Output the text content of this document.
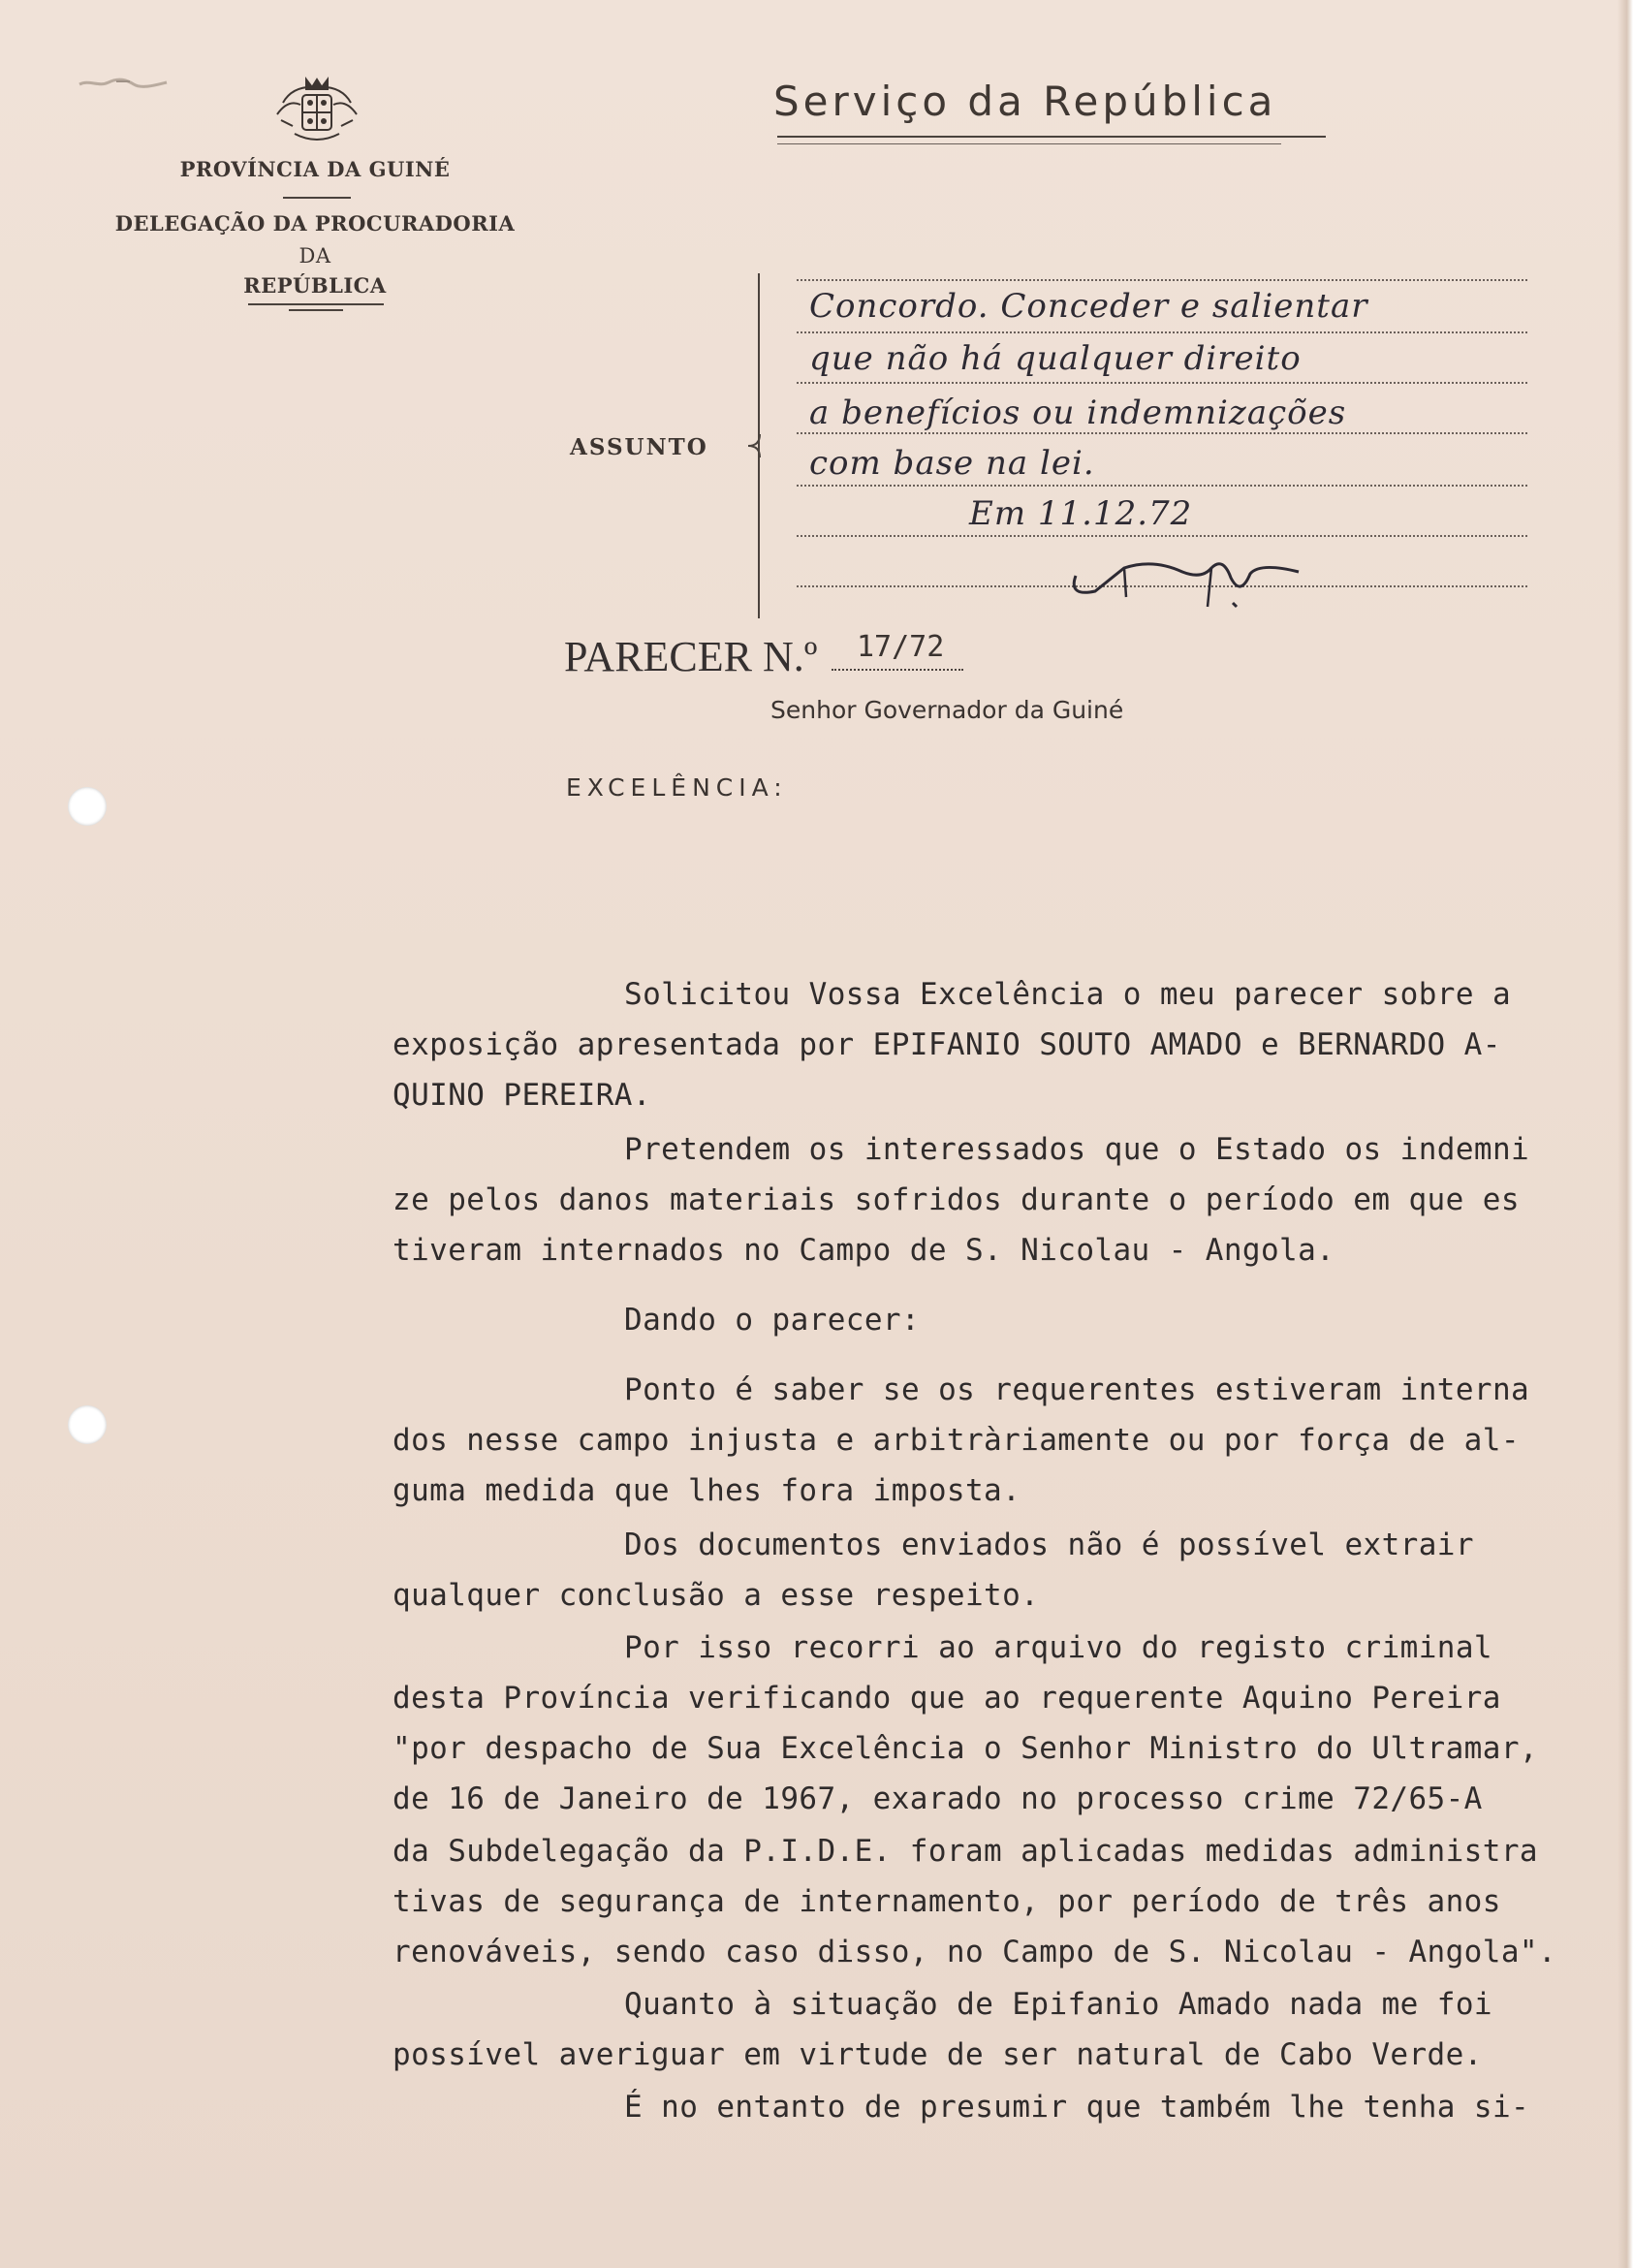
PROVÍNCIA DA GUINÉ
DELEGAÇÃO DA PROCURADORIA
DA
REPÚBLICA
Serviço da República
ASSUNTO
Concordo. Conceder e salientar
que não há qualquer direito
a benefícios ou indemnizações
com base na lei.
Em 11.12.72
PARECER N.º 17/72
Senhor Governador da Guiné
EXCELÊNCIA:
Solicitou Vossa Excelência o meu parecer sobre a
exposição apresentada por EPIFANIO SOUTO AMADO e BERNARDO A-
QUINO PEREIRA.
Pretendem os interessados que o Estado os indemni
ze pelos danos materiais sofridos durante o período em que es
tiveram internados no Campo de S. Nicolau - Angola.
Dando o parecer:
Ponto é saber se os requerentes estiveram interna
dos nesse campo injusta e arbitràriamente ou por força de al-
guma medida que lhes fora imposta.
Dos documentos enviados não é possível extrair
qualquer conclusão a esse respeito.
Por isso recorri ao arquivo do registo criminal
desta Província verificando que ao requerente Aquino Pereira
"por despacho de Sua Excelência o Senhor Ministro do Ultramar,
de 16 de Janeiro de 1967, exarado no processo crime 72/65-A
da Subdelegação da P.I.D.E. foram aplicadas medidas administra
tivas de segurança de internamento, por período de três anos
renováveis, sendo caso disso, no Campo de S. Nicolau - Angola".
Quanto à situação de Epifanio Amado nada me foi
possível averiguar em virtude de ser natural de Cabo Verde.
É no entanto de presumir que também lhe tenha si-
